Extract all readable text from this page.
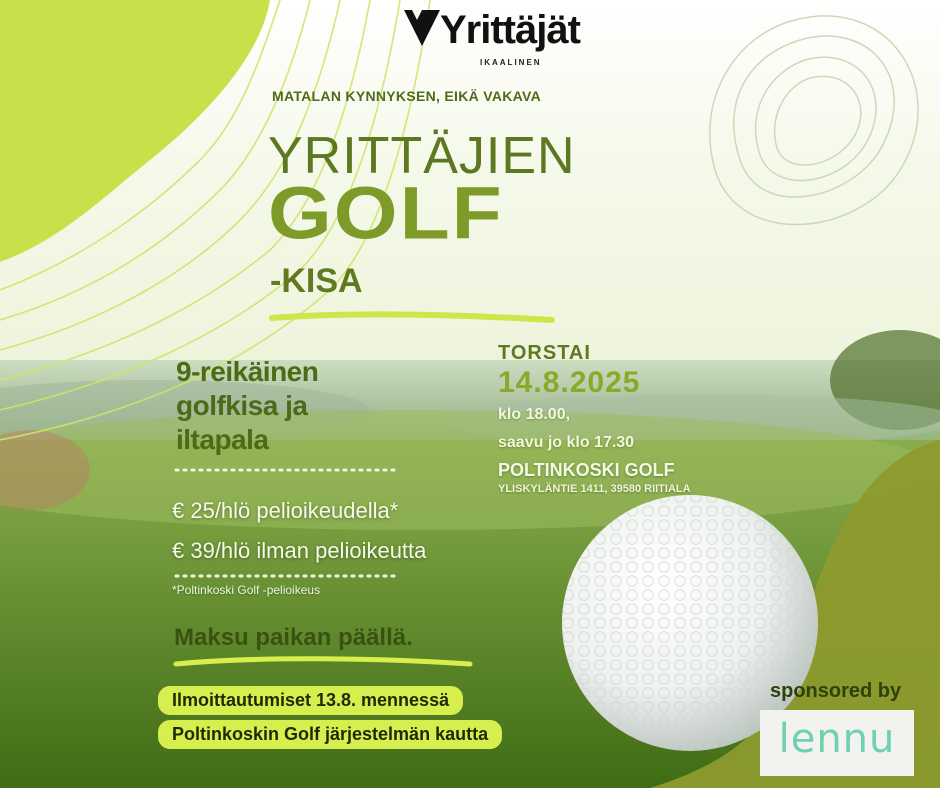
Yrittäjät
IKAALINEN
MATALAN KYNNYKSEN, EIKÄ VAKAVA
YRITTÄJIEN
GOLF
-KISA
9-reikäinen
golfkisa ja
iltapala
TORSTAI
14.8.2025
klo 18.00,
saavu jo klo 17.30
POLTINKOSKI GOLF
YLISKYLÄNTIE 1411, 39580 RIITIALA
€ 25/hlö pelioikeudella*
€ 39/hlö ilman pelioikeutta
*Poltinkoski Golf -pelioikeus
Maksu paikan päällä.
Ilmoittautumiset 13.8. mennessä
Poltinkoskin Golf järjestelmän kautta
sponsored by
lennu
